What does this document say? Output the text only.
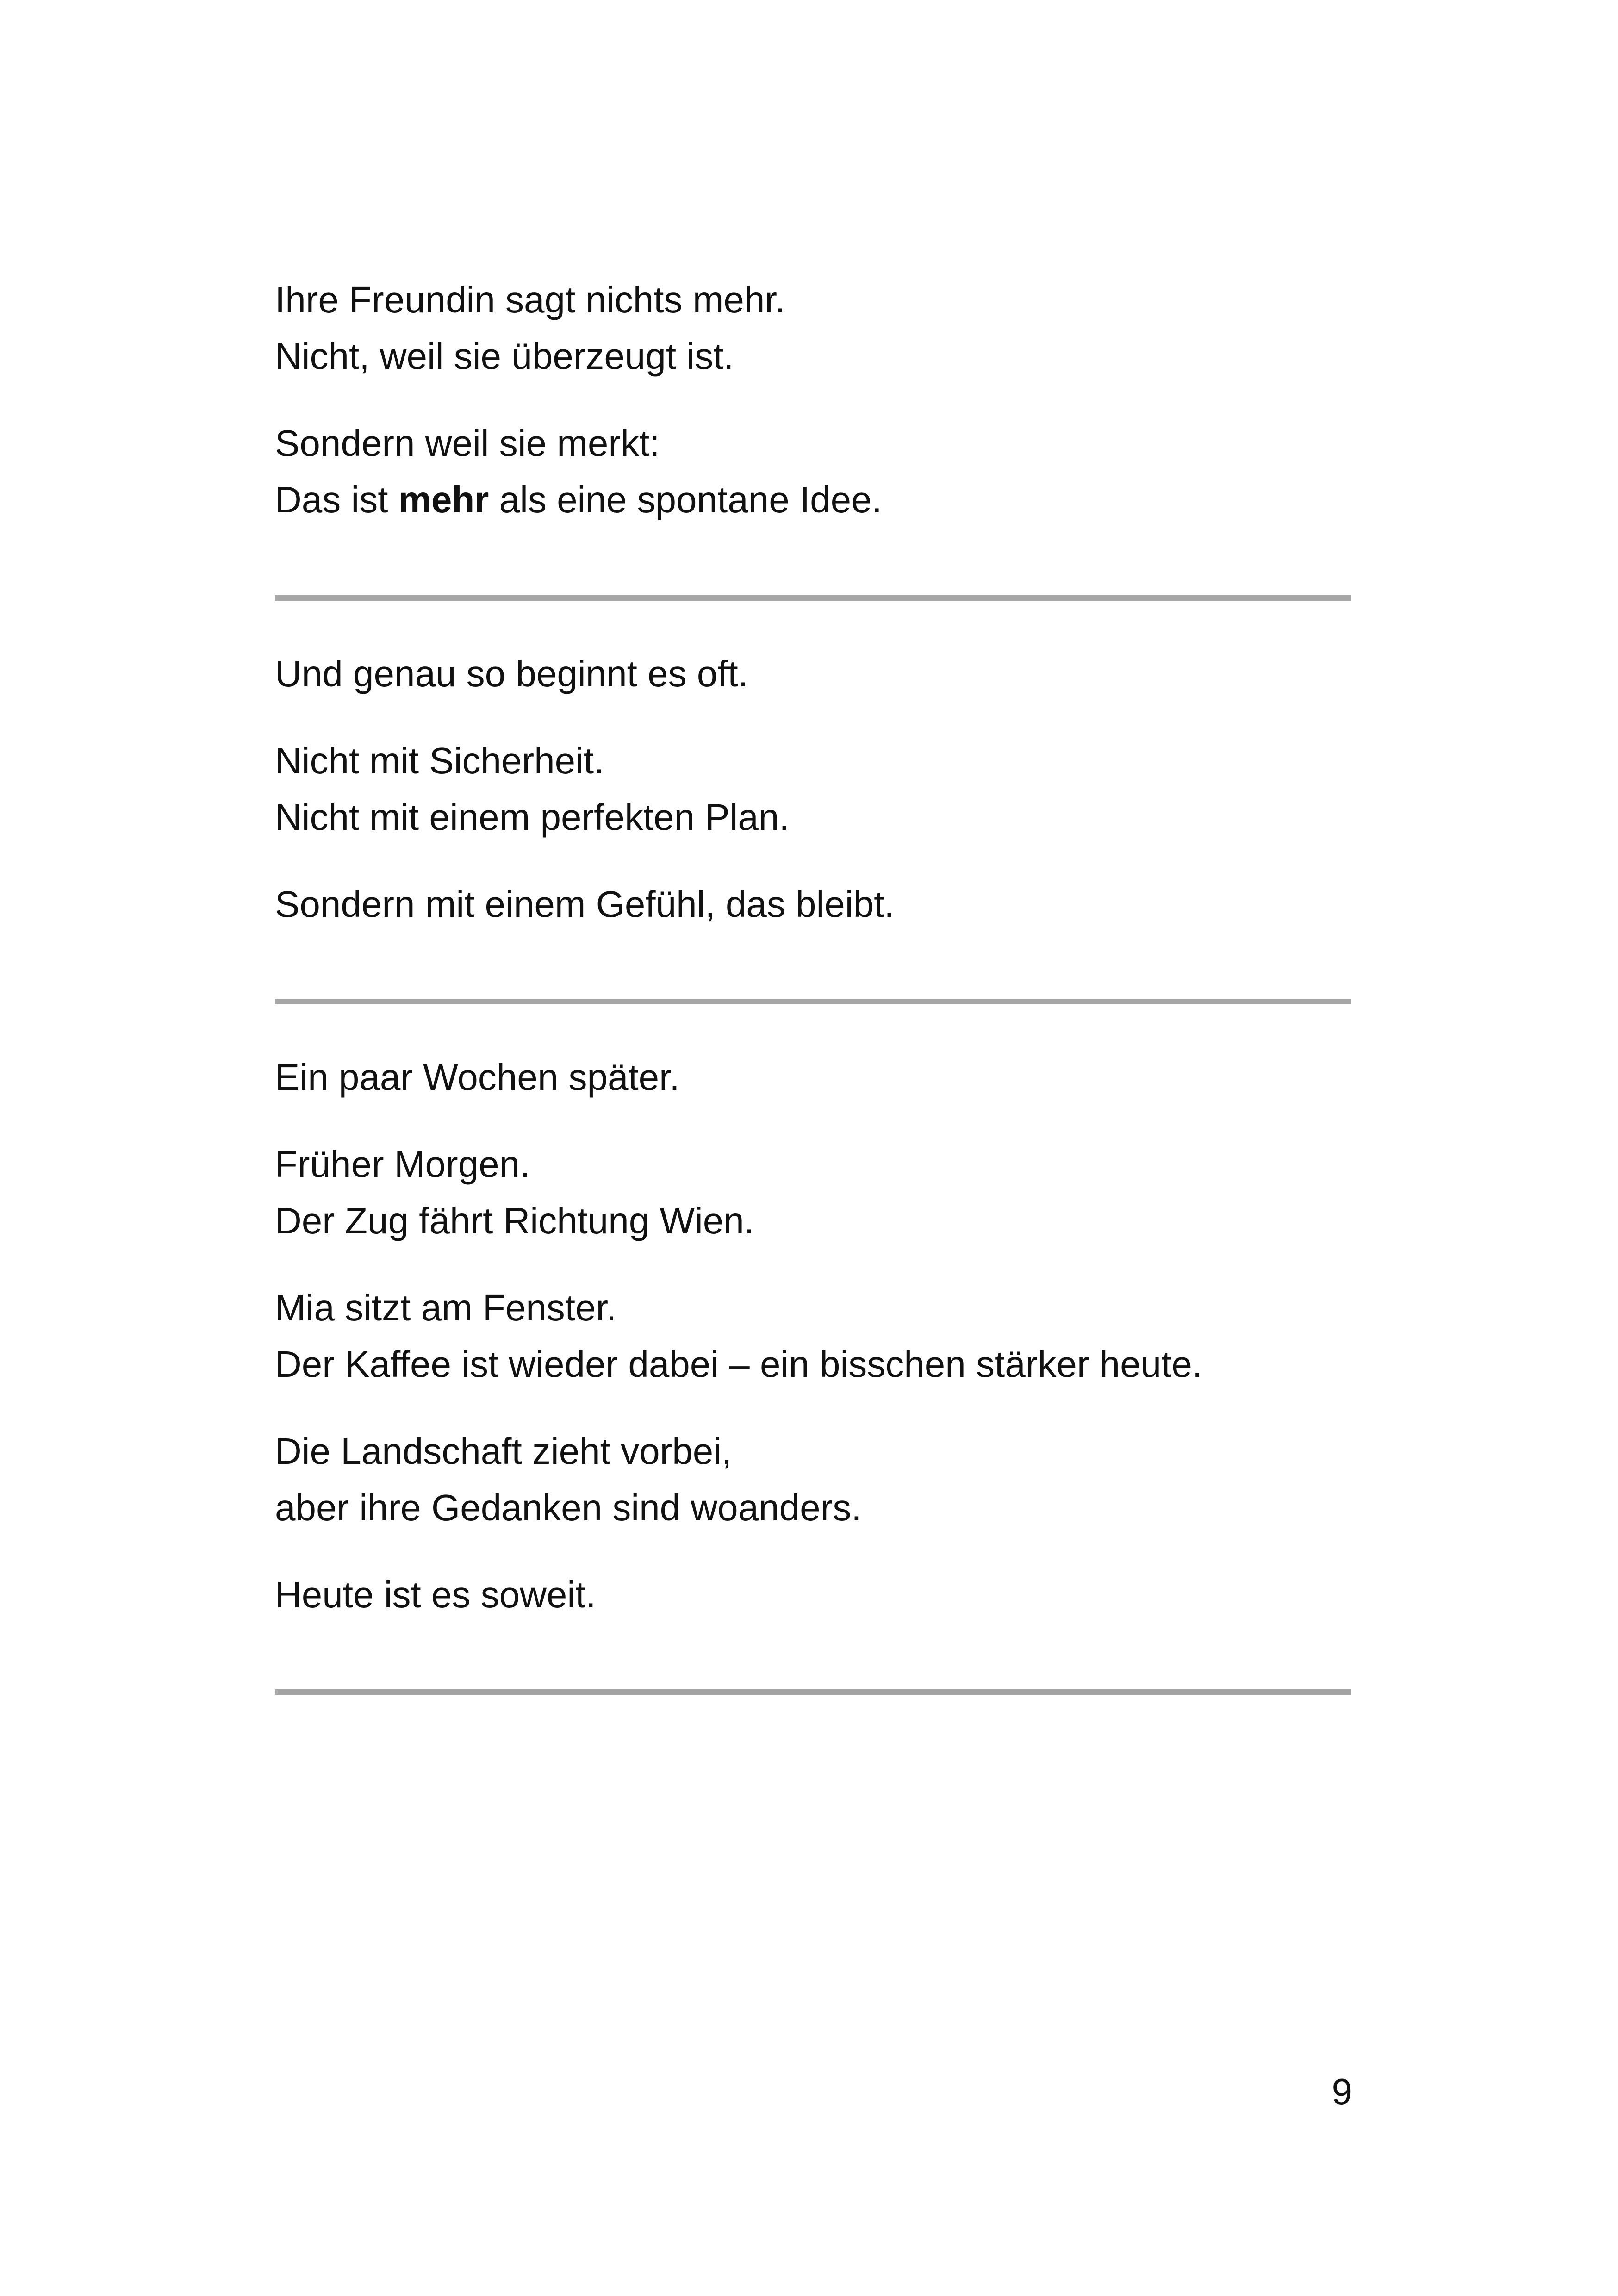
Ihre Freundin sagt nichts mehr.
Nicht, weil sie überzeugt ist.
Sondern weil sie merkt:
Das ist mehr als eine spontane Idee.
Und genau so beginnt es oft.
Nicht mit Sicherheit.
Nicht mit einem perfekten Plan.
Sondern mit einem Gefühl, das bleibt.
Ein paar Wochen später.
Früher Morgen.
Der Zug fährt Richtung Wien.
Mia sitzt am Fenster.
Der Kaffee ist wieder dabei – ein bisschen stärker heute.
Die Landschaft zieht vorbei,
aber ihre Gedanken sind woanders.
Heute ist es soweit.
9
